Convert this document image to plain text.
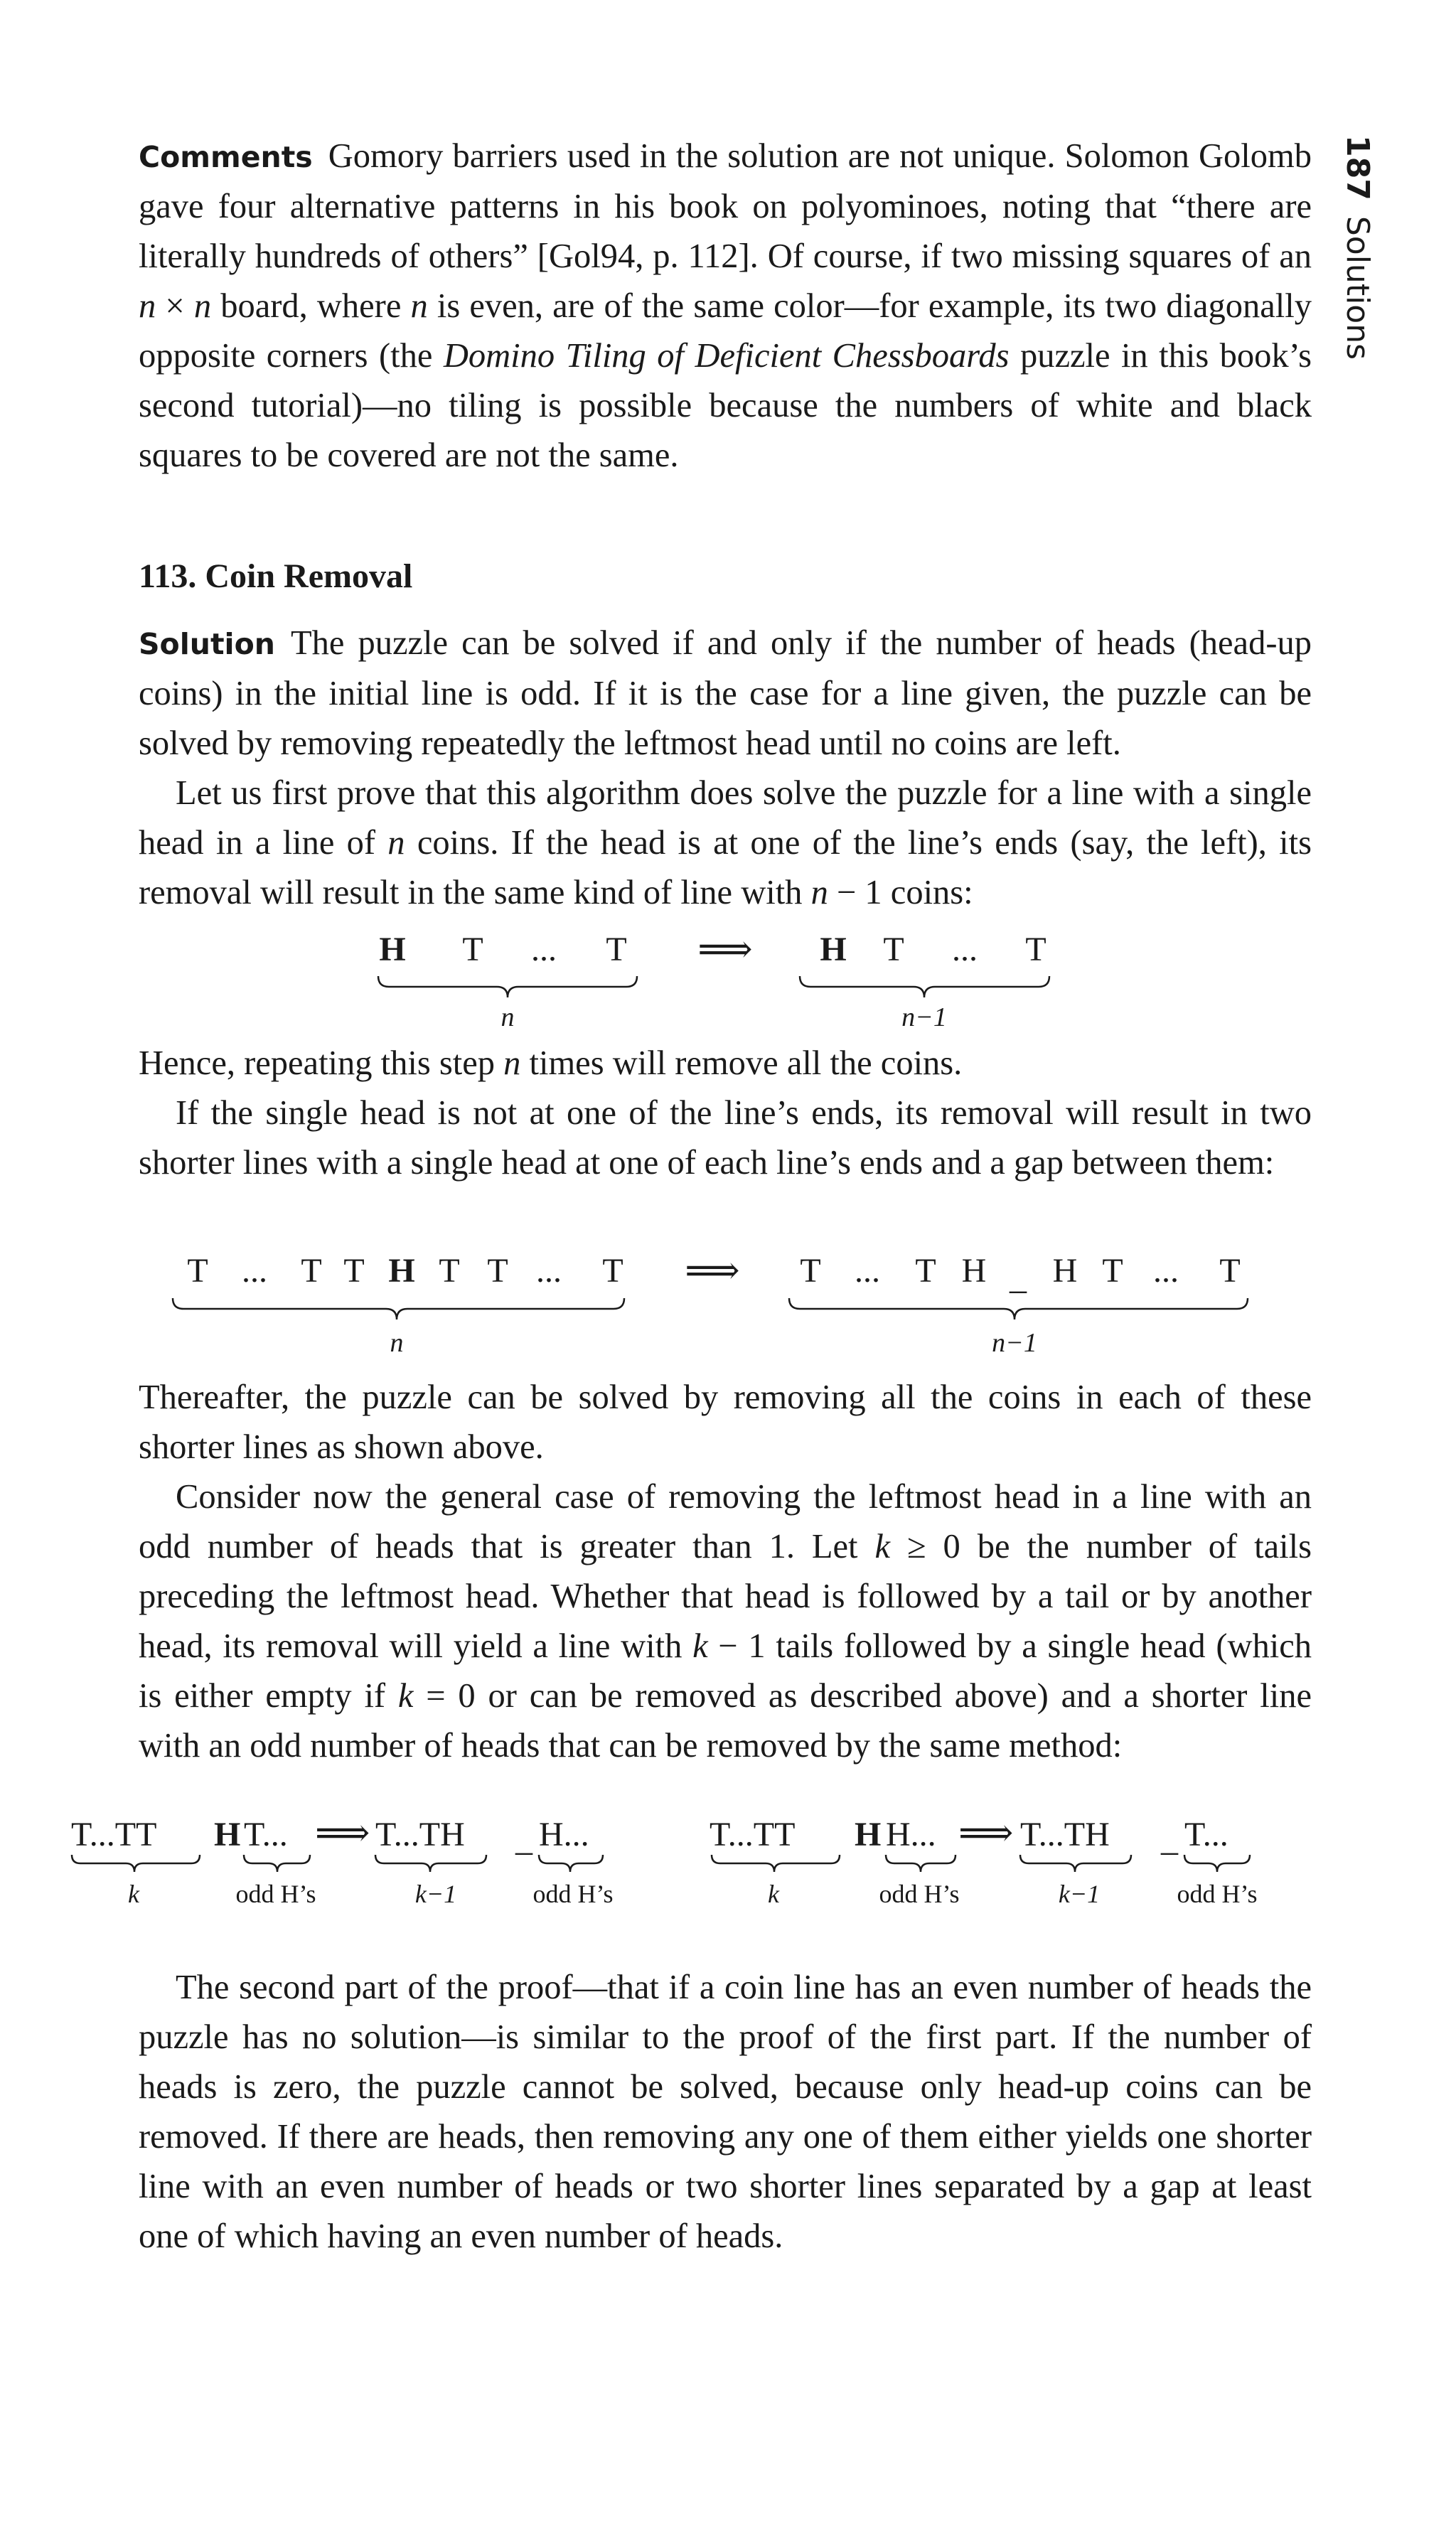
187Solutions

Comments Gomory barriers used in the solution are not unique. Solomon Golomb gave four alternative patterns in his book on polyominoes, noting that “there are literally hundreds of others” [Gol94, p. 112]. Of course, if two missing squares of an n × n board, where n is even, are of the same color—for example, its two diagonally opposite corners (the Domino Tiling of Deficient Chessboards puzzle in this book’s second tutorial)—no tiling is possible because the numbers of white and black squares to be covered are not the same.

113. Coin Removal

Solution The puzzle can be solved if and only if the number of heads (head-up coins) in the initial line is odd. If it is the case for a line given, the puzzle can be solved by removing repeatedly the leftmost head until no coins are left.

Let us first prove that this algorithm does solve the puzzle for a line with a single head in a line of n coins. If the head is at one of the line’s ends (say, the left), its removal will result in the same kind of line with n − 1 coins:

H T ... T
n
⟹ H T ... T
n−1

Hence, repeating this step n times will remove all the coins.

If the single head is not at one of the line’s ends, its removal will result in two shorter lines with a single head at one of each line’s ends and a gap between them:

T ... T T H T T ... T
n
⟹ T ... T H _ H T ... T
n−1

Thereafter, the puzzle can be solved by removing all the coins in each of these shorter lines as shown above.

Consider now the general case of removing the leftmost head in a line with an odd number of heads that is greater than 1. Let k ≥ 0 be the number of tails preceding the leftmost head. Whether that head is followed by a tail or by another head, its removal will yield a line with k − 1 tails followed by a single head (which is either empty if k = 0 or can be removed as described above) and a shorter line with an odd number of heads that can be removed by the same method:

T...TT H T...
k	odd H’s
⟹ T...TH _ H...
k−1	odd H’s
T...TT H H...
k	odd H’s
⟹ T...TH _ T...
k−1	odd H’s

The second part of the proof—that if a coin line has an even number of heads the puzzle has no solution—is similar to the proof of the first part. If the number of heads is zero, the puzzle cannot be solved, because only head-up coins can be removed. If there are heads, then removing any one of them either yields one shorter line with an even number of heads or two shorter lines separated by a gap at least one of which having an even number of heads.
